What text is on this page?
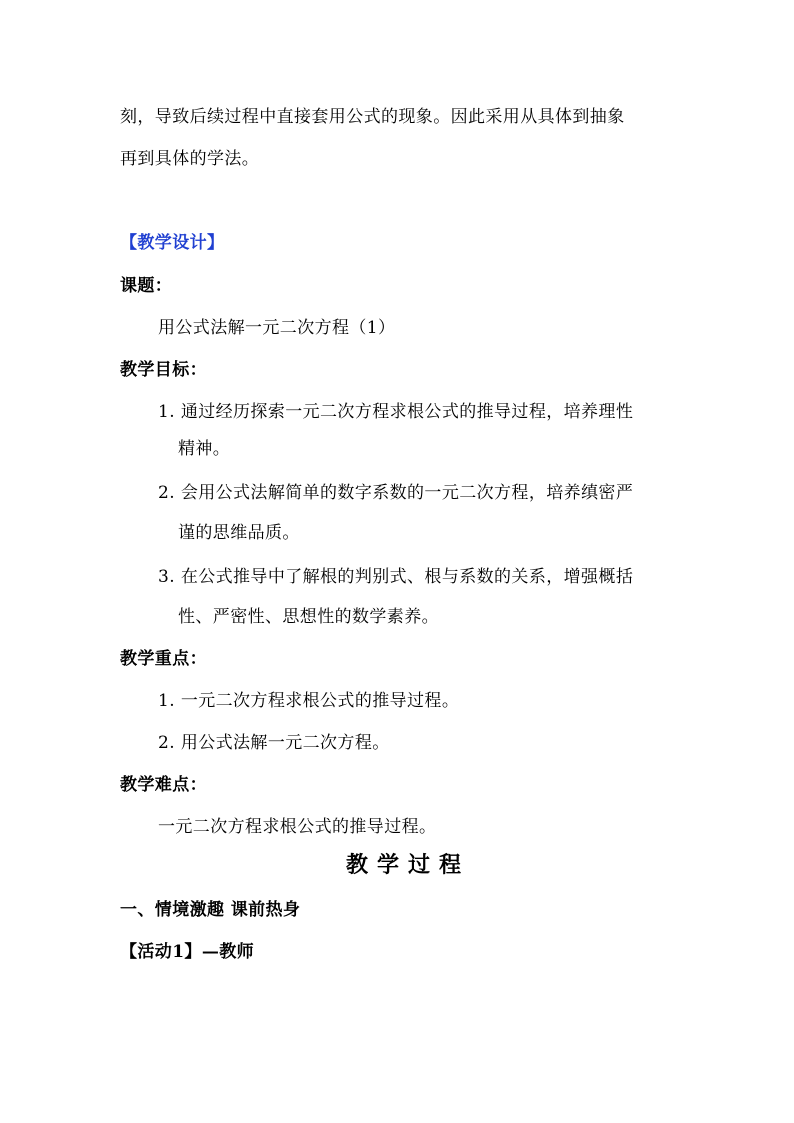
刻，导致后续过程中直接套用公式的现象。因此采用从具体到抽象
再到具体的学法。
【教学设计】
课题：
用公式法解一元二次方程（1）
教学目标：
1. 通过经历探索一元二次方程求根公式的推导过程，培养理性
精神。
2. 会用公式法解简单的数字系数的一元二次方程，培养缜密严
谨的思维品质。
3. 在公式推导中了解根的判别式、根与系数的关系，增强概括
性、严密性、思想性的数学素养。
教学重点：
1. 一元二次方程求根公式的推导过程。
2. 用公式法解一元二次方程。
教学难点：
一元二次方程求根公式的推导过程。
教学过程
一、情境激趣 课前热身
【活动1】—教师
